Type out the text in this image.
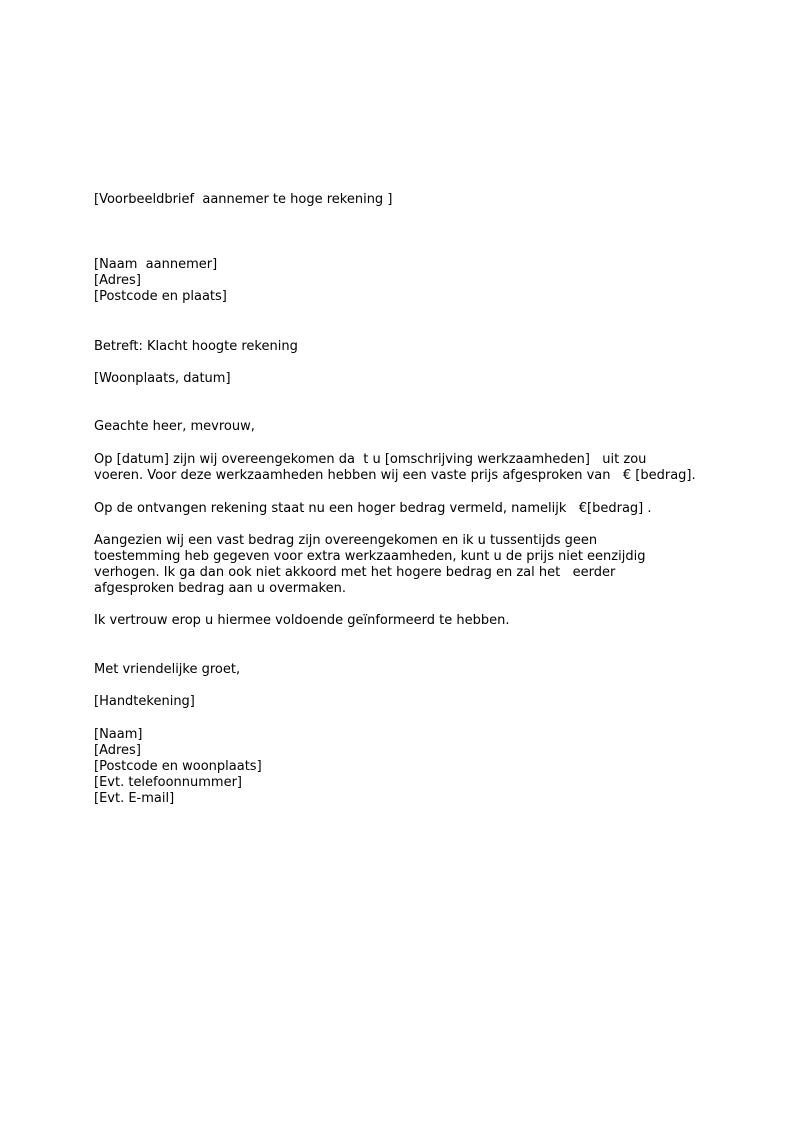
[Voorbeeldbrief  aannemer te hoge rekening ]

[Naam  aannemer]

[Adres]

[Postcode en plaats]

Betreft: Klacht hoogte rekening

[Woonplaats, datum]

Geachte heer, mevrouw,

Op [datum] zijn wij overeengekomen da  t u [omschrijving werkzaamheden]   uit zou

voeren. Voor deze werkzaamheden hebben wij een vaste prijs afgesproken van   € [bedrag].

Op de ontvangen rekening staat nu een hoger bedrag vermeld, namelijk   €[bedrag] .

Aangezien wij een vast bedrag zijn overeengekomen en ik u tussentijds geen

toestemming heb gegeven voor extra werkzaamheden, kunt u de prijs niet eenzijdig

verhogen. Ik ga dan ook niet akkoord met het hogere bedrag en zal het   eerder

afgesproken bedrag aan u overmaken.

Ik vertrouw erop u hiermee voldoende geïnformeerd te hebben.

Met vriendelijke groet,

[Handtekening]

[Naam]

[Adres]

[Postcode en woonplaats]

[Evt. telefoonnummer]

[Evt. E-mail]
